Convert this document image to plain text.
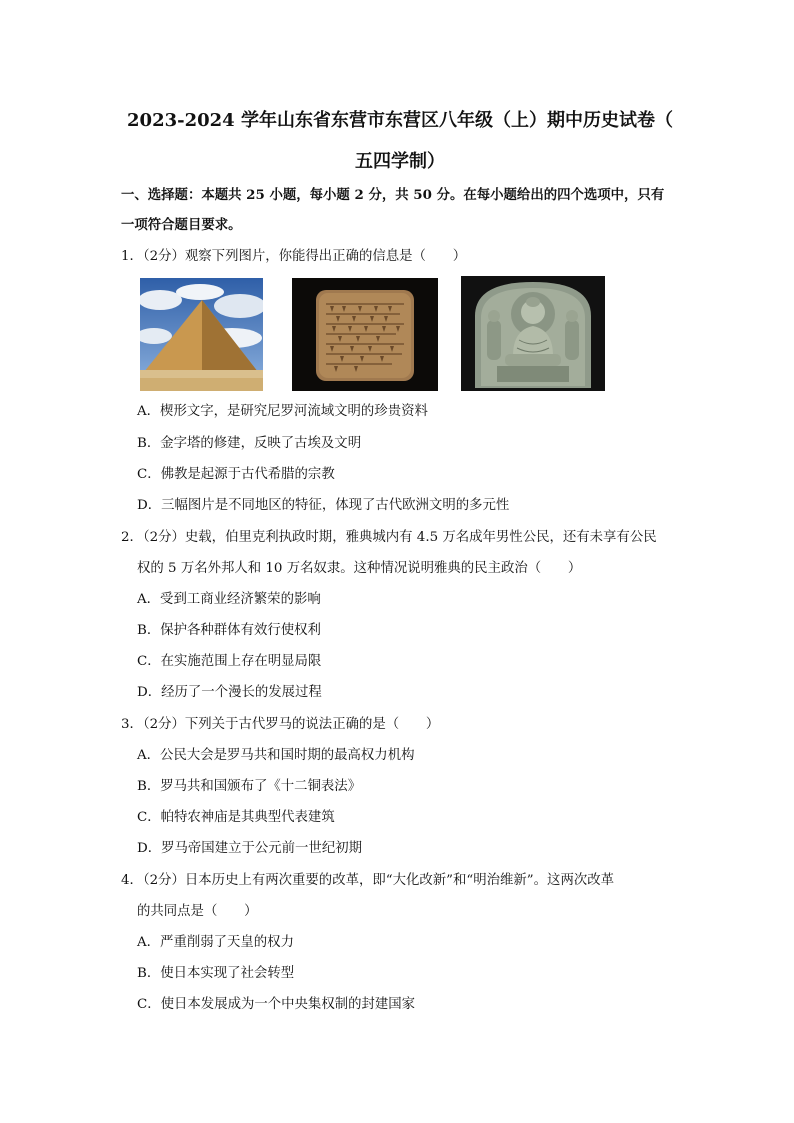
2023-2024 学年山东省东营市东营区八年级（上）期中历史试卷（
五四学制）
一、选择题：本题共 25 小题，每小题 2 分，共 50 分。在每小题给出的四个选项中，只有
一项符合题目要求。
1．（2分）观察下列图片，你能得出正确的信息是（　　）
A．楔形文字，是研究尼罗河流域文明的珍贵资料
B．金字塔的修建，反映了古埃及文明
C．佛教是起源于古代希腊的宗教
D．三幅图片是不同地区的特征，体现了古代欧洲文明的多元性
2．（2分）史载，伯里克利执政时期，雅典城内有 4.5 万名成年男性公民，还有未享有公民
权的 5 万名外邦人和 10 万名奴隶。这种情况说明雅典的民主政治（　　）
A．受到工商业经济繁荣的影响
B．保护各种群体有效行使权利
C．在实施范围上存在明显局限
D．经历了一个漫长的发展过程
3．（2分）下列关于古代罗马的说法正确的是（　　）
A．公民大会是罗马共和国时期的最高权力机构
B．罗马共和国颁布了《十二铜表法》
C．帕特农神庙是其典型代表建筑
D．罗马帝国建立于公元前一世纪初期
4．（2分）日本历史上有两次重要的改革，即“大化改新”和“明治维新”。这两次改革
的共同点是（　　）
A．严重削弱了天皇的权力
B．使日本实现了社会转型
C．使日本发展成为一个中央集权制的封建国家
